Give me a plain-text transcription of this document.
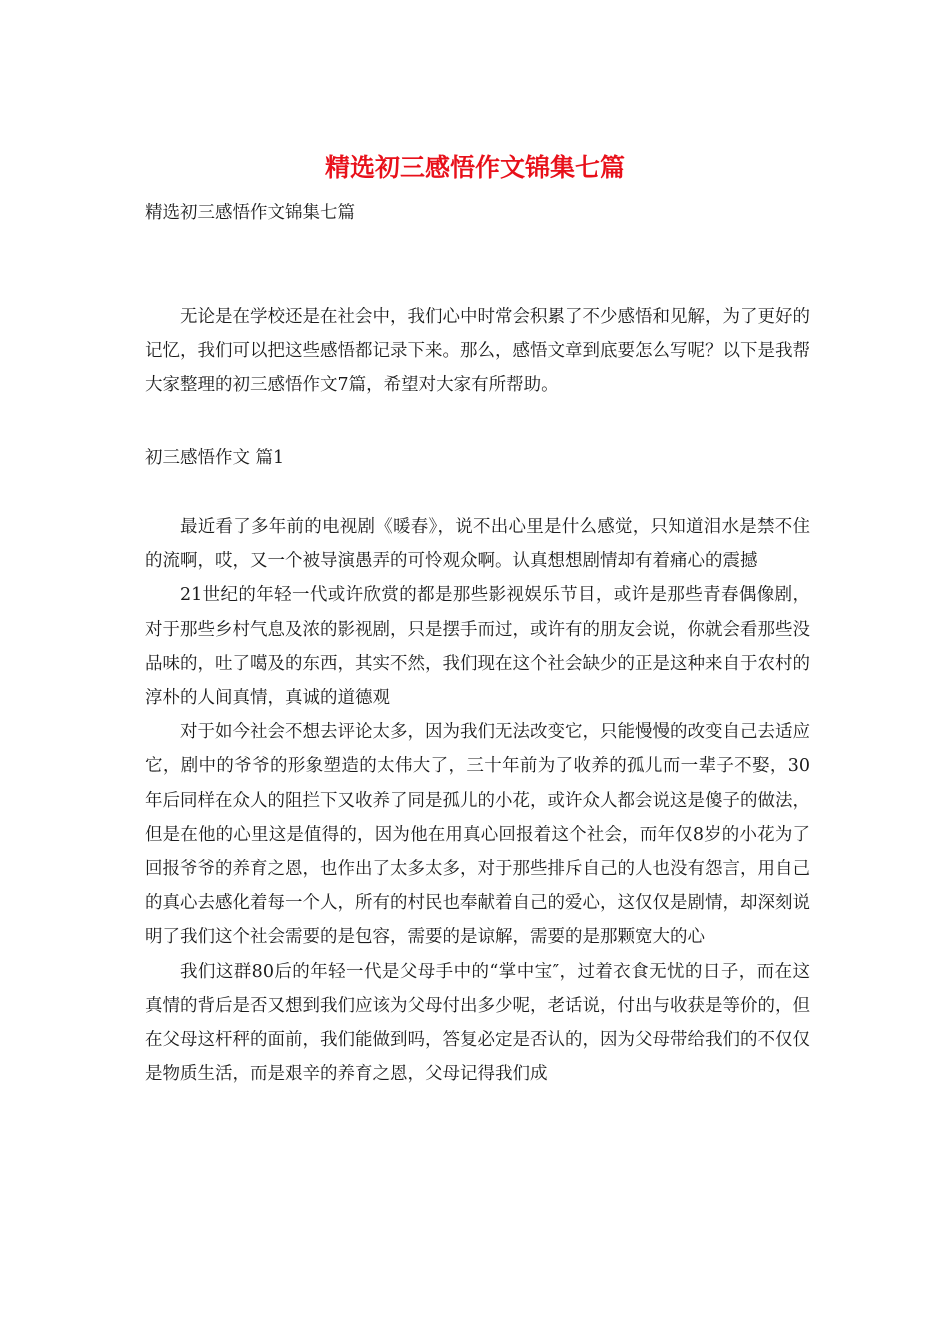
精选初三感悟作文锦集七篇
精选初三感悟作文锦集七篇

无论是在学校还是在社会中，我们心中时常会积累了不少感悟和见解，为了更好的记忆，我们可以把这些感悟都记录下来。那么，感悟文章到底要怎么写呢？以下是我帮大家整理的初三感悟作文7篇，希望对大家有所帮助。

初三感悟作文 篇1

最近看了多年前的电视剧《暖春》，说不出心里是什么感觉，只知道泪水是禁不住的流啊，哎，又一个被导演愚弄的可怜观众啊。认真想想剧情却有着痛心的震撼

21世纪的年轻一代或许欣赏的都是那些影视娱乐节目，或许是那些青春偶像剧，对于那些乡村气息及浓的影视剧，只是摆手而过，或许有的朋友会说，你就会看那些没品味的，吐了噶及的东西，其实不然，我们现在这个社会缺少的正是这种来自于农村的淳朴的人间真情，真诚的道德观

对于如今社会不想去评论太多，因为我们无法改变它，只能慢慢的改变自己去适应它，剧中的爷爷的形象塑造的太伟大了，三十年前为了收养的孤儿而一辈子不娶，30年后同样在众人的阻拦下又收养了同是孤儿的小花，或许众人都会说这是傻子的做法，但是在他的心里这是值得的，因为他在用真心回报着这个社会，而年仅8岁的小花为了回报爷爷的养育之恩，也作出了太多太多，对于那些排斥自己的人也没有怨言，用自己的真心去感化着每一个人，所有的村民也奉献着自己的爱心，这仅仅是剧情，却深刻说明了我们这个社会需要的是包容，需要的是谅解，需要的是那颗宽大的心

我们这群80后的年轻一代是父母手中的“掌中宝″，过着衣食无忧的日子，而在这真情的背后是否又想到我们应该为父母付出多少呢，老话说，付出与收获是等价的，但在父母这杆秤的面前，我们能做到吗，答复必定是否认的，因为父母带给我们的不仅仅是物质生活，而是艰辛的养育之恩，父母记得我们成
